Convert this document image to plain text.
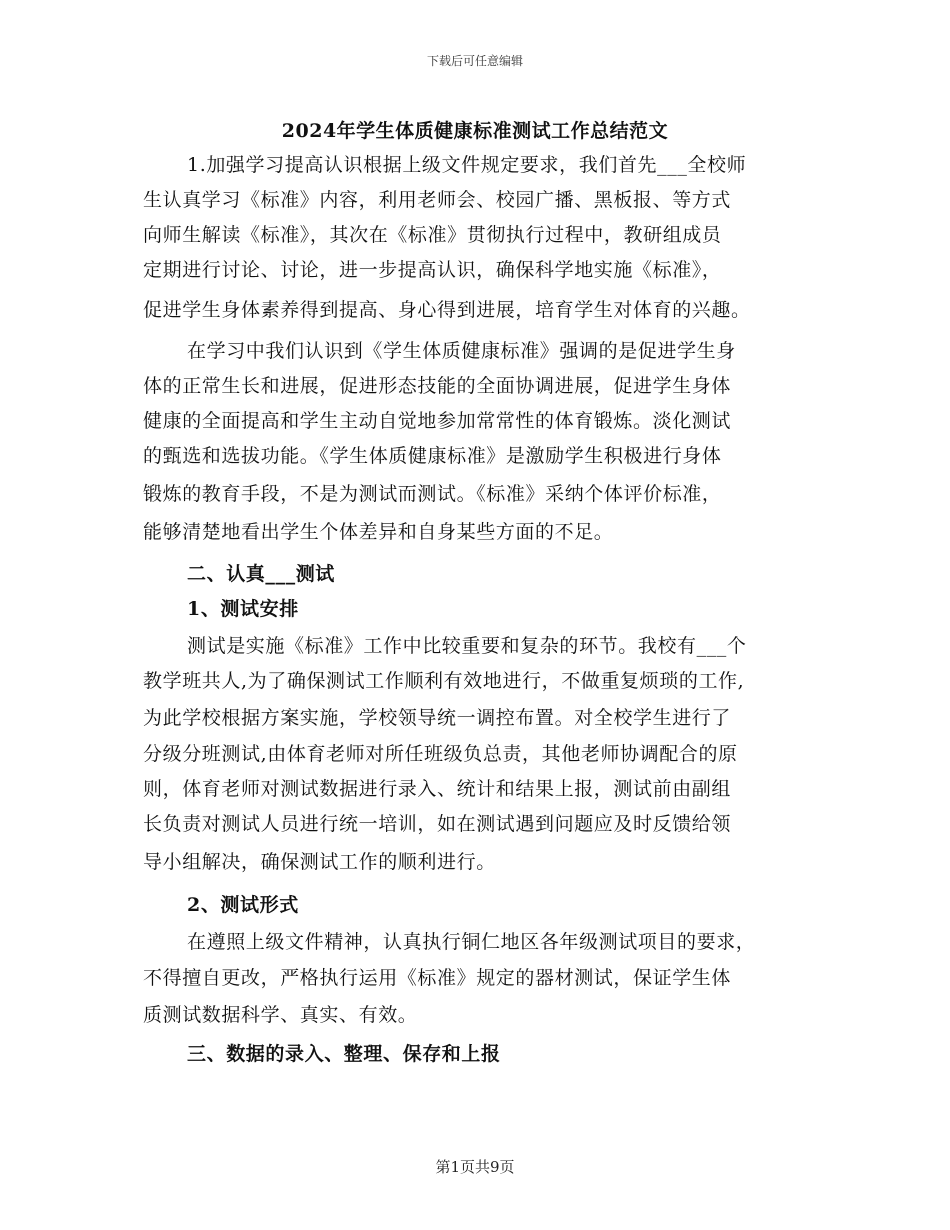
下载后可任意编辑
2024年学生体质健康标准测试工作总结范文
1.加强学习提高认识根据上级文件规定要求，我们首先___全校师
生认真学习《标准》内容，利用老师会、校园广播、黑板报、等方式
向师生解读《标准》，其次在《标准》贯彻执行过程中，教研组成员
定期进行讨论、讨论，进一步提高认识，确保科学地实施《标准》，
促进学生身体素养得到提高、身心得到进展，培育学生对体育的兴趣。
在学习中我们认识到《学生体质健康标准》强调的是促进学生身
体的正常生长和进展，促进形态技能的全面协调进展，促进学生身体
健康的全面提高和学生主动自觉地参加常常性的体育锻炼。淡化测试
的甄选和选拔功能。《学生体质健康标准》是激励学生积极进行身体
锻炼的教育手段，不是为测试而测试。《标准》采纳个体评价标准，
能够清楚地看出学生个体差异和自身某些方面的不足。
二、认真___测试
1、测试安排
测试是实施《标准》工作中比较重要和复杂的环节。我校有___个
教学班共人,为了确保测试工作顺利有效地进行，不做重复烦琐的工作,
为此学校根据方案实施，学校领导统一调控布置。对全校学生进行了
分级分班测试,由体育老师对所任班级负总责，其他老师协调配合的原
则，体育老师对测试数据进行录入、统计和结果上报，测试前由副组
长负责对测试人员进行统一培训，如在测试遇到问题应及时反馈给领
导小组解决，确保测试工作的顺利进行。
2、测试形式
在遵照上级文件精神，认真执行铜仁地区各年级测试项目的要求，
不得擅自更改，严格执行运用《标准》规定的器材测试，保证学生体
质测试数据科学、真实、有效。
三、数据的录入、整理、保存和上报
第1页共9页
